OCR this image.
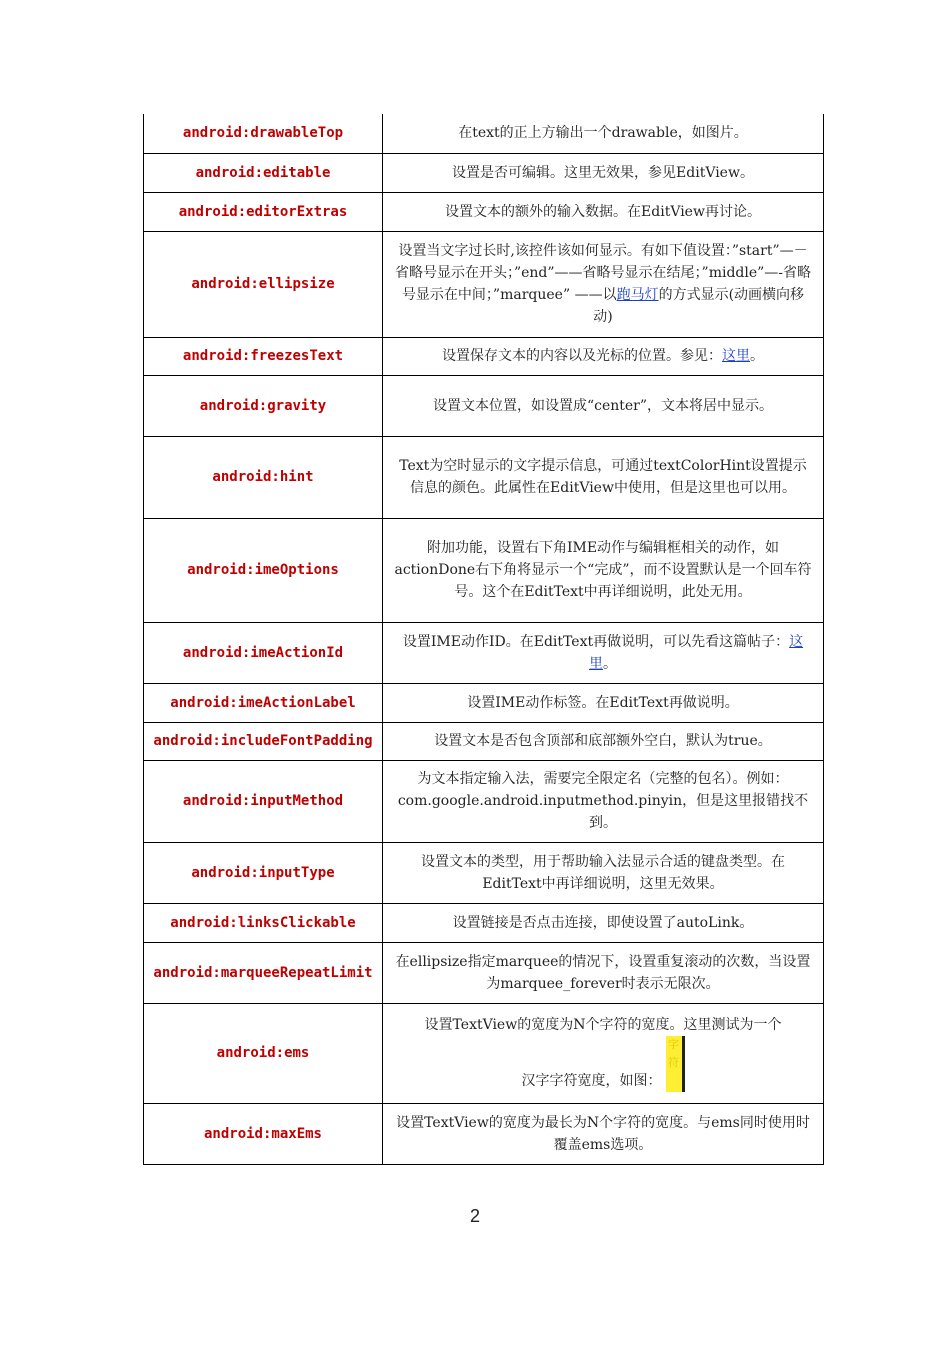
android:drawableTop	在text的正上方输出一个drawable，如图片。
android:editable	设置是否可编辑。这里无效果，参见EditView。
android:editorExtras	设置文本的额外的输入数据。在EditView再讨论。
android:ellipsize	设置当文字过长时,该控件该如何显示。有如下值设置：”start”—－省略号显示在开头；”end”——省略号显示在结尾；”middle”—-省略号显示在中间；”marquee” ——以跑马灯的方式显示(动画横向移动)
android:freezesText	设置保存文本的内容以及光标的位置。参见：这里。
android:gravity	设置文本位置，如设置成“center”，文本将居中显示。
android:hint	Text为空时显示的文字提示信息，可通过textColorHint设置提示信息的颜色。此属性在EditView中使用，但是这里也可以用。
android:imeOptions	附加功能，设置右下角IME动作与编辑框相关的动作，如actionDone右下角将显示一个“完成”，而不设置默认是一个回车符号。这个在EditText中再详细说明，此处无用。
android:imeActionId	设置IME动作ID。在EditText再做说明，可以先看这篇帖子：这里。
android:imeActionLabel	设置IME动作标签。在EditText再做说明。
android:includeFontPadding	设置文本是否包含顶部和底部额外空白，默认为true。
android:inputMethod	为文本指定输入法，需要完全限定名（完整的包名）。例如：com.google.android.inputmethod.pinyin，但是这里报错找不到。
android:inputType	设置文本的类型，用于帮助输入法显示合适的键盘类型。在EditText中再详细说明，这里无效果。
android:linksClickable	设置链接是否点击连接，即使设置了autoLink。
android:marqueeRepeatLimit	在ellipsize指定marquee的情况下，设置重复滚动的次数，当设置为marquee_forever时表示无限次。
android:ems	设置TextView的宽度为N个字符的宽度。这里测试为一个
汉字字符宽度，如图：字符

android:maxEms	设置TextView的宽度为最长为N个字符的宽度。与ems同时使用时覆盖ems选项。
2
